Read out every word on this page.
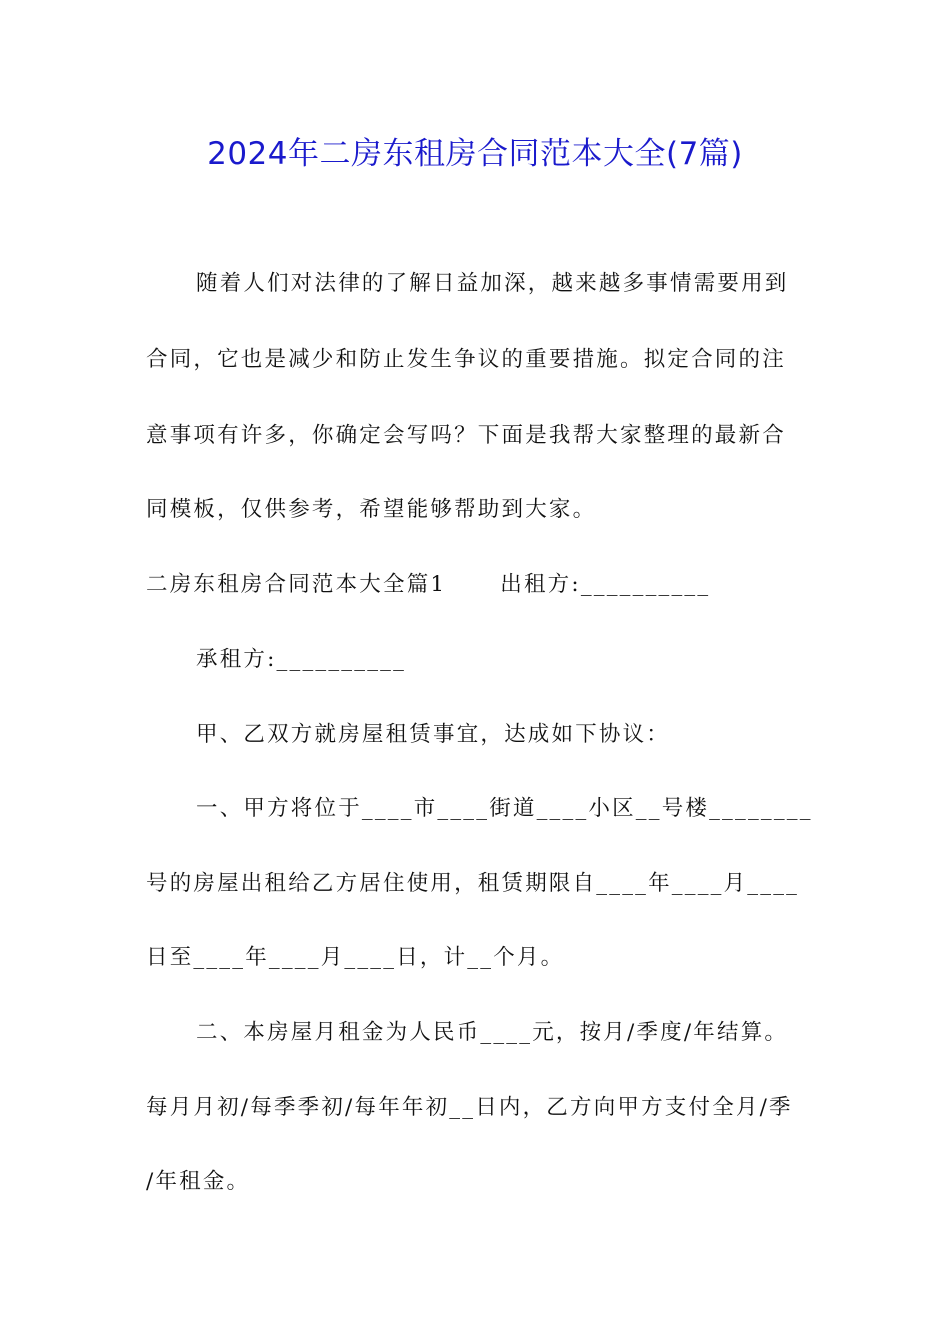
2024年二房东租房合同范本大全(7篇)
随着人们对法律的了解日益加深，越来越多事情需要用到
合同，它也是减少和防止发生争议的重要措施。拟定合同的注
意事项有许多，你确定会写吗？下面是我帮大家整理的最新合
同模板，仅供参考，希望能够帮助到大家。
二房东租房合同范本大全篇1	出租方:__________
承租方:__________
甲、乙双方就房屋租赁事宜，达成如下协议：
一、甲方将位于____市____街道____小区__号楼________
号的房屋出租给乙方居住使用，租赁期限自____年____月____
日至____年____月____日，计__个月。
二、本房屋月租金为人民币____元，按月/季度/年结算。
每月月初/每季季初/每年年初__日内，乙方向甲方支付全月/季
/年租金。
